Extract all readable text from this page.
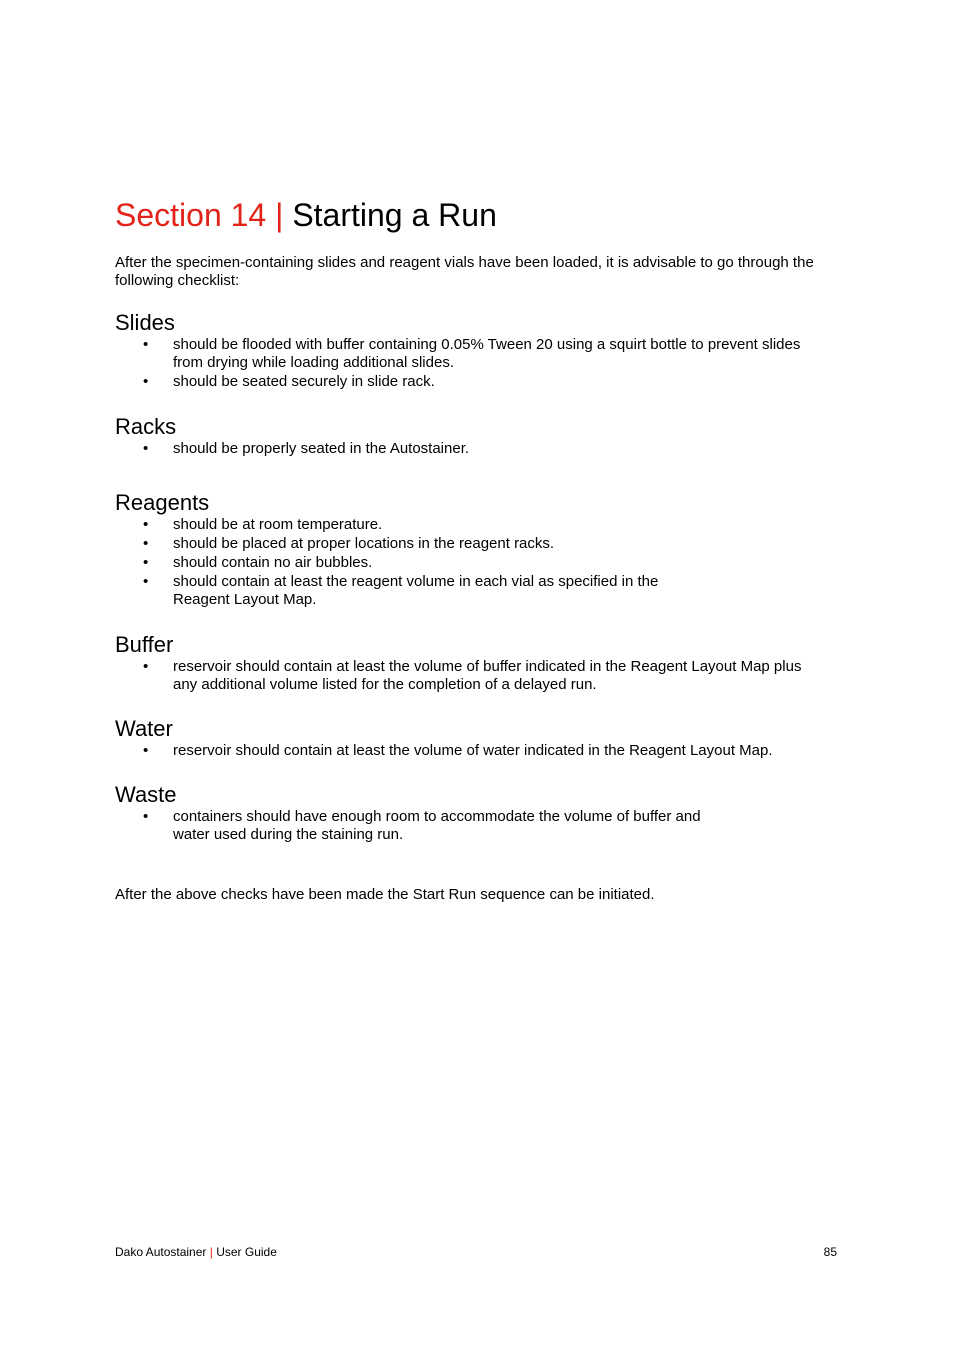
Section 14 | Starting a Run

After the specimen-containing slides and reagent vials have been loaded, it is advisable to go through the following checklist:

Slides
• should be flooded with buffer containing 0.05% Tween 20 using a squirt bottle to prevent slides from drying while loading additional slides.
• should be seated securely in slide rack.
Racks
• should be properly seated in the Autostainer.
Reagents
• should be at room temperature.
• should be placed at proper locations in the reagent racks.
• should contain no air bubbles.
• should contain at least the reagent volume in each vial as specified in the Reagent Layout Map.
Buffer
• reservoir should contain at least the volume of buffer indicated in the Reagent Layout Map plus any additional volume listed for the completion of a delayed run.
Water
• reservoir should contain at least the volume of water indicated in the Reagent Layout Map.
Waste
• containers should have enough room to accommodate the volume of buffer and water used during the staining run.

After the above checks have been made the Start Run sequence can be initiated.

Dako Autostainer | User Guide	85
